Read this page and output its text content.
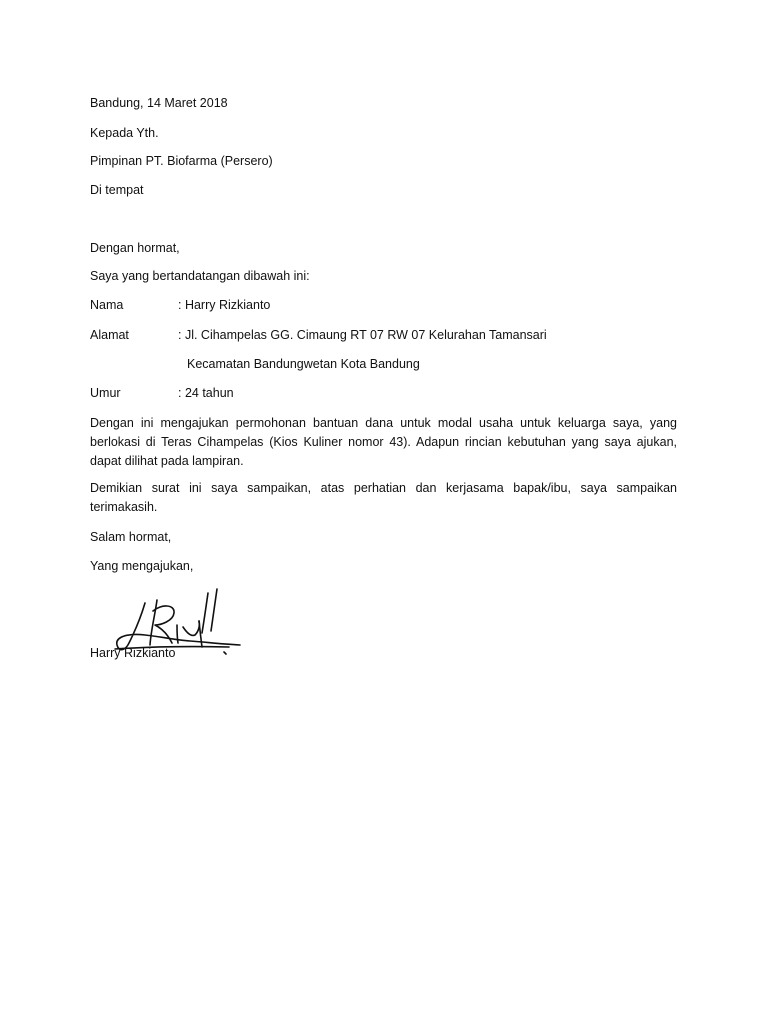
Bandung, 14 Maret 2018
Kepada Yth.
Pimpinan PT. Biofarma (Persero)
Di tempat
Dengan hormat,
Saya yang bertandatangan dibawah ini:
Nama	: Harry Rizkianto
Alamat	: Jl. Cihampelas GG. Cimaung RT 07 RW 07 Kelurahan Tamansari
Kecamatan Bandungwetan Kota Bandung
Umur	: 24 tahun
Dengan ini mengajukan permohonan bantuan dana untuk modal usaha untuk keluarga saya, yang berlokasi di Teras Cihampelas (Kios Kuliner nomor 43). Adapun rincian kebutuhan yang saya ajukan, dapat dilihat pada lampiran.
Demikian surat ini saya sampaikan, atas perhatian dan kerjasama bapak/ibu, saya sampaikan terimakasih.
Salam hormat,
Yang mengajukan,
Harry Rizkianto
